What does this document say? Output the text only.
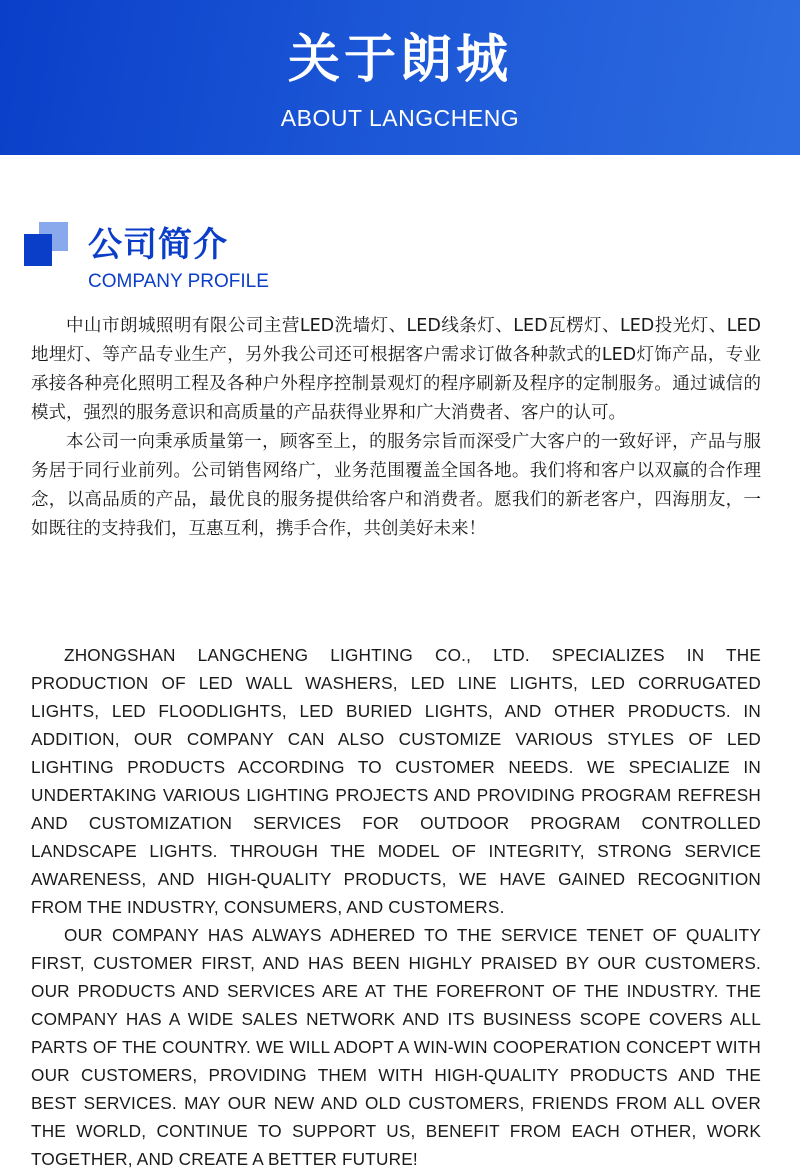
关于朗城
ABOUT LANGCHENG
公司简介
COMPANY PROFILE

中山市朗城照明有限公司主营LED洗墙灯、LED线条灯、LED瓦楞灯、LED投光灯、LED地埋灯、等产品专业生产，另外我公司还可根据客户需求订做各种款式的LED灯饰产品，专业承接各种亮化照明工程及各种户外程序控制景观灯的程序刷新及程序的定制服务。通过诚信的模式，强烈的服务意识和高质量的产品获得业界和广大消费者、客户的认可。

本公司一向秉承质量第一，顾客至上，的服务宗旨而深受广大客户的一致好评，产品与服务居于同行业前列。公司销售网络广，业务范围覆盖全国各地。我们将和客户以双赢的合作理念，以高品质的产品，最优良的服务提供给客户和消费者。愿我们的新老客户，四海朋友，一如既往的支持我们，互惠互利，携手合作，共创美好未来！

ZHONGSHAN LANGCHENG LIGHTING CO., LTD. SPECIALIZES IN THE PRODUCTION OF LED WALL WASHERS, LED LINE LIGHTS, LED CORRUGATED LIGHTS, LED FLOODLIGHTS, LED BURIED LIGHTS, AND OTHER PRODUCTS. IN ADDITION, OUR COMPANY CAN ALSO CUSTOMIZE VARIOUS STYLES OF LED LIGHTING PRODUCTS ACCORDING TO CUSTOMER NEEDS. WE SPECIALIZE IN UNDERTAKING VARIOUS LIGHTING PROJECTS AND PROVIDING PROGRAM REFRESH AND CUSTOMIZATION SERVICES FOR OUTDOOR PROGRAM CONTROLLED LANDSCAPE LIGHTS. THROUGH THE MODEL OF INTEGRITY, STRONG SERVICE AWARENESS, AND HIGH-QUALITY PRODUCTS, WE HAVE GAINED RECOGNITION FROM THE INDUSTRY, CONSUMERS, AND CUSTOMERS.

OUR COMPANY HAS ALWAYS ADHERED TO THE SERVICE TENET OF QUALITY FIRST, CUSTOMER FIRST, AND HAS BEEN HIGHLY PRAISED BY OUR CUSTOMERS. OUR PRODUCTS AND SERVICES ARE AT THE FOREFRONT OF THE INDUSTRY. THE COMPANY HAS A WIDE SALES NETWORK AND ITS BUSINESS SCOPE COVERS ALL PARTS OF THE COUNTRY. WE WILL ADOPT A WIN-WIN COOPERATION CONCEPT WITH OUR CUSTOMERS, PROVIDING THEM WITH HIGH-QUALITY PRODUCTS AND THE BEST SERVICES. MAY OUR NEW AND OLD CUSTOMERS, FRIENDS FROM ALL OVER THE WORLD, CONTINUE TO SUPPORT US, BENEFIT FROM EACH OTHER, WORK TOGETHER, AND CREATE A BETTER FUTURE!
